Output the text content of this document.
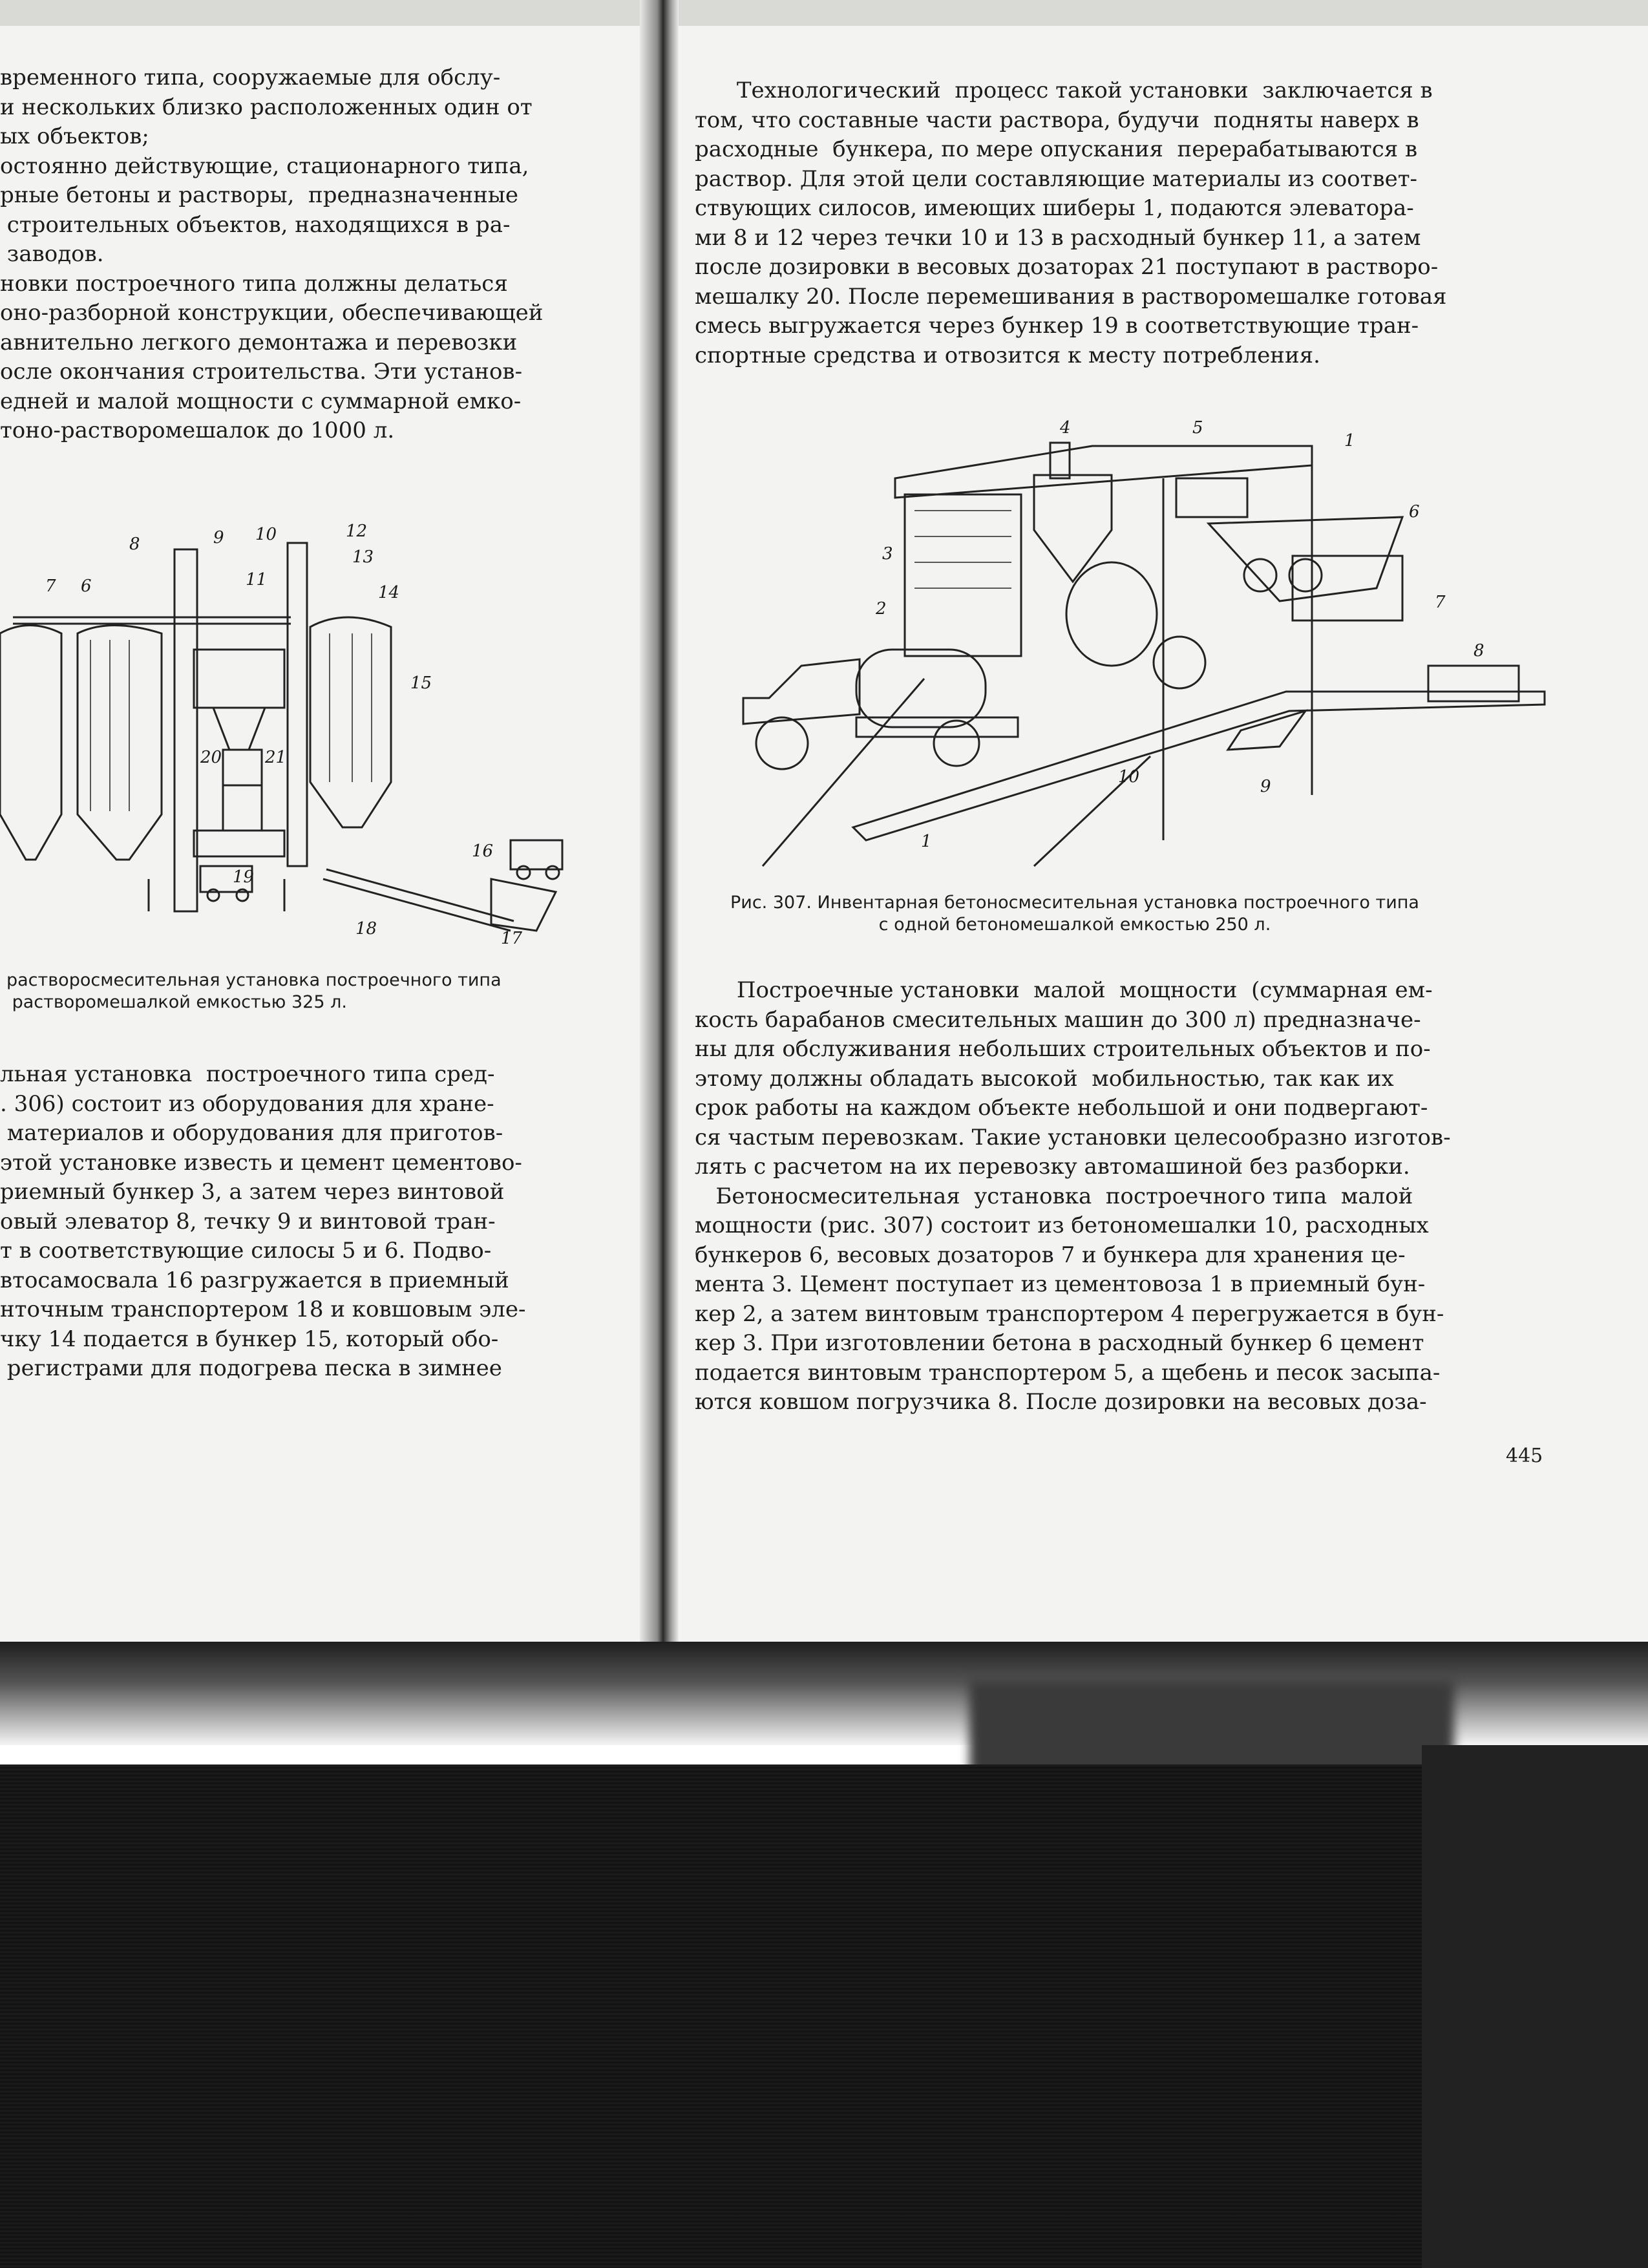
временного типа, сооружаемые для обслу-
и нескольких близко расположенных один от
ых объектов;
остоянно действующие, стационарного типа,
рные бетоны и растворы,  предназначенные
строительных объектов, находящихся в ра-
заводов.
новки построечного типа должны делаться
оно-разборной конструкции, обеспечивающей
авнительно легкого демонтажа и перевозки
осле окончания строительства. Эти установ-
едней и малой мощности с суммарной емко-
тоно-растворомешалок до 1000 л.

8	9 10	12
11
13
7 6	14
15
20	21
19
16
18	17

растворосмесительная установка построечного типа
растворомешалкой емкостью 325 л.

льная установка  построечного типа сред-
. 306) состоит из оборудования для хране-
материалов и оборудования для приготов-
этой установке известь и цемент цементово-
риемный бункер 3, а затем через винтовой
овый элеватор 8, течку 9 и винтовой тран-
т в соответствующие силосы 5 и 6. Подво-
втосамосвала 16 разгружается в приемный
нточным транспортером 18 и ковшовым эле-
чку 14 подается в бункер 15, который обо-
регистрами для подогрева песка в зимнее

Технологический  процесс такой установки  заключается в
том, что составные части раствора, будучи  подняты наверх в
расходные  бункера, по мере опускания  перерабатываются в
раствор. Для этой цели составляющие материалы из соответ-
ствующих силосов, имеющих шиберы 1, подаются элеватора-
ми 8 и 12 через течки 10 и 13 в расходный бункер 11, а затем
после дозировки в весовых дозаторах 21 поступают в растворо-
мешалку 20. После перемешивания в растворомешалке готовая
смесь выгружается через бункер 19 в соответствующие тран-
спортные средства и отвозится к месту потребления.

4	5
1
6
3
2	7
8
10	9
1

Рис. 307. Инвентарная бетоносмесительная установка построечного типа
с одной бетономешалкой емкостью 250 л.

Построечные установки  малой  мощности  (суммарная ем-
кость барабанов смесительных машин до 300 л) предназначе-
ны для обслуживания небольших строительных объектов и по-
этому должны обладать высокой  мобильностью, так как их
срок работы на каждом объекте небольшой и они подвергают-
ся частым перевозкам. Такие установки целесообразно изготов-
лять с расчетом на их перевозку автомашиной без разборки.
Бетоносмесительная  установка  построечного типа  малой
мощности (рис. 307) состоит из бетономешалки 10, расходных
бункеров 6, весовых дозаторов 7 и бункера для хранения це-
мента 3. Цемент поступает из цементовоза 1 в приемный бун-
кер 2, а затем винтовым транспортером 4 перегружается в бун-
кер 3. При изготовлении бетона в расходный бункер 6 цемент
подается винтовым транспортером 5, а щебень и песок засыпа-
ются ковшом погрузчика 8. После дозировки на весовых доза-

445
